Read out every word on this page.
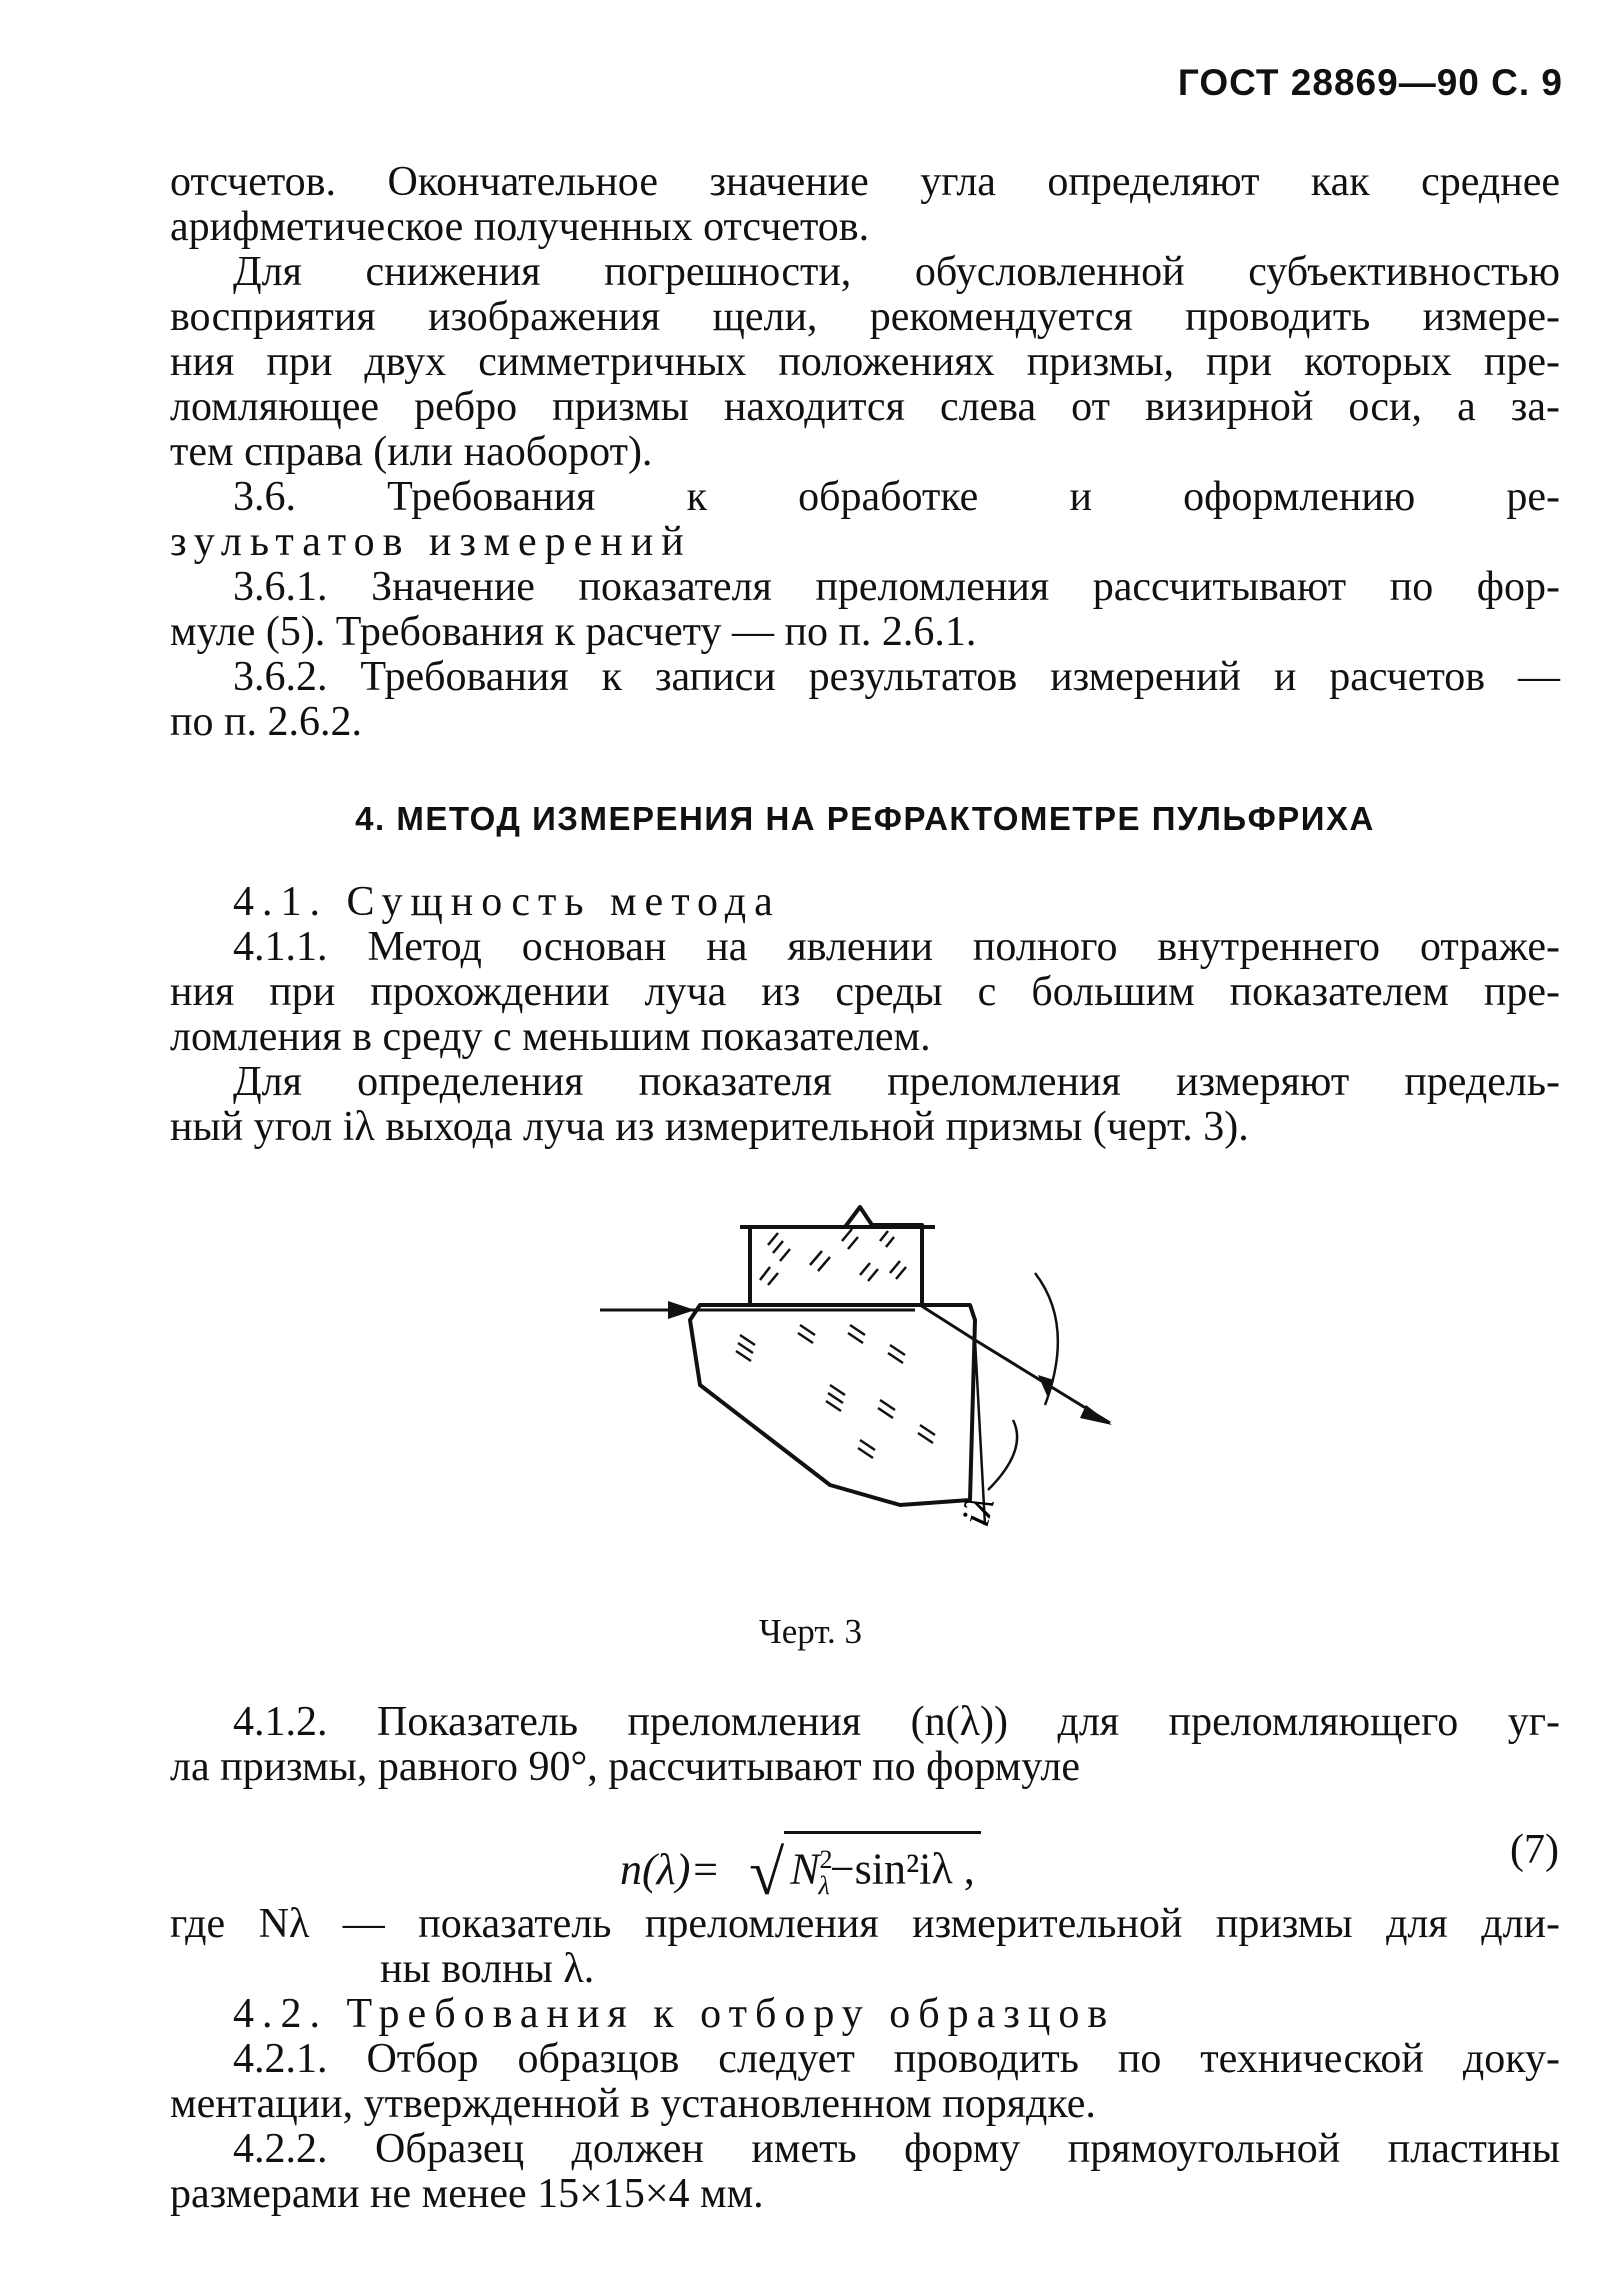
ГОСТ 28869—90 С. 9

отсчетов. Окончательное значение угла определяют как среднее

арифметическое полученных отсчетов.

Для снижения погрешности, обусловленной субъективностью

восприятия изображения щели, рекомендуется проводить измере-

ния при двух симметричных положениях призмы, при которых пре-

ломляющее ребро призмы находится слева от визирной оси, а за-

тем справа (или наоборот).

3.6. Требования к обработке и оформлению ре-

зультатов измерений

3.6.1. Значение показателя преломления рассчитывают по фор-

муле (5). Требования к расчету — по п. 2.6.1.

3.6.2. Требования к записи результатов измерений и расчетов —

по п. 2.6.2.

4. МЕТОД ИЗМЕРЕНИЯ НА РЕФРАКТОМЕТРЕ ПУЛЬФРИХА

4.1. Сущность метода

4.1.1. Метод основан на явлении полного внутреннего отраже-

ния при прохождении луча из среды с большим показателем пре-

ломления в среду с меньшим показателем.

Для определения показателя преломления измеряют предель-

ный угол iλ выхода луча из измерительной призмы (черт. 3).

iλ
Черт. 3

4.1.2. Показатель преломления (n(λ)) для преломляющего уг-

ла призмы, равного 90°, рассчитывают по формуле

n(λ)= √ $N^2_\lambda-\sin^2i\lambda$ ,	(7)

где Nλ — показатель преломления измерительной призмы для дли-

ны волны λ.

4.2. Требования к отбору образцов

4.2.1. Отбор образцов следует проводить по технической доку-

ментации, утвержденной в установленном порядке.

4.2.2. Образец должен иметь форму прямоугольной пластины

размерами не менее 15×15×4 мм.
